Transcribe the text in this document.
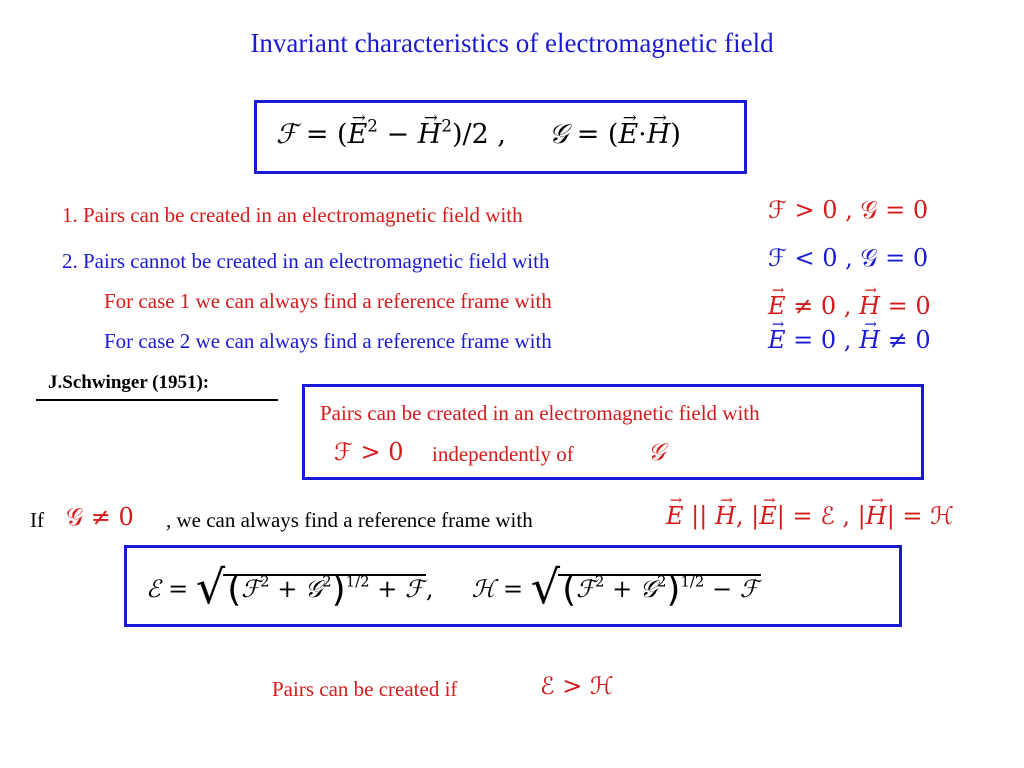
Invariant characteristics of electromagnetic field
ℱ = (→ $E^2$ − → $H^2)/2$ , 𝒢 = (→ E·→ H)
1. Pairs can be created in an electromagnetic field with	ℱ > 0 , 𝒢 = 0
2. Pairs cannot be created in an electromagnetic field with	ℱ < 0 , 𝒢 = 0
For case 1 we can always find a reference frame with	→ E ≠ 0 , → H = 0
For case 2 we can always find a reference frame with	→ E = 0 , → H ≠ 0
J.Schwinger (1951):
Pairs can be created in an electromagnetic field with
ℱ > 0 independently of	𝒢
If 𝒢 ≠ 0 , we can always find a reference frame with	→ E || → H, |→ E| = ℰ , |→ H| = ℋ
ℰ = √(ℱ$^2$ + 𝒢$^2$)$^{1/2}$ + ℱ, ℋ = √(ℱ$^2$ + 𝒢$^2$)$^{1/2}$ − ℱ
Pairs can be created if	ℰ > ℋ
